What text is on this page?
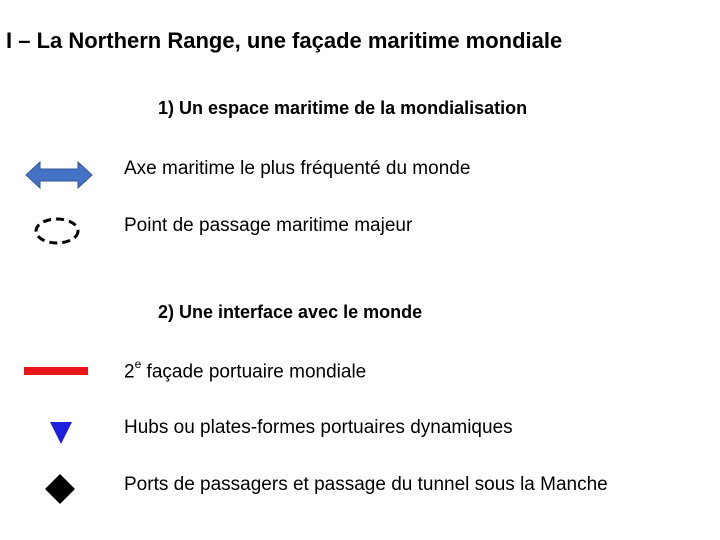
I – La Northern Range, une façade maritime mondiale
1) Un espace maritime de la mondialisation
Axe maritime le plus fréquenté du monde
Point de passage maritime majeur
2) Une interface avec le monde
2e façade portuaire mondiale
Hubs ou plates-formes portuaires dynamiques
Ports de passagers et passage du tunnel sous la Manche
